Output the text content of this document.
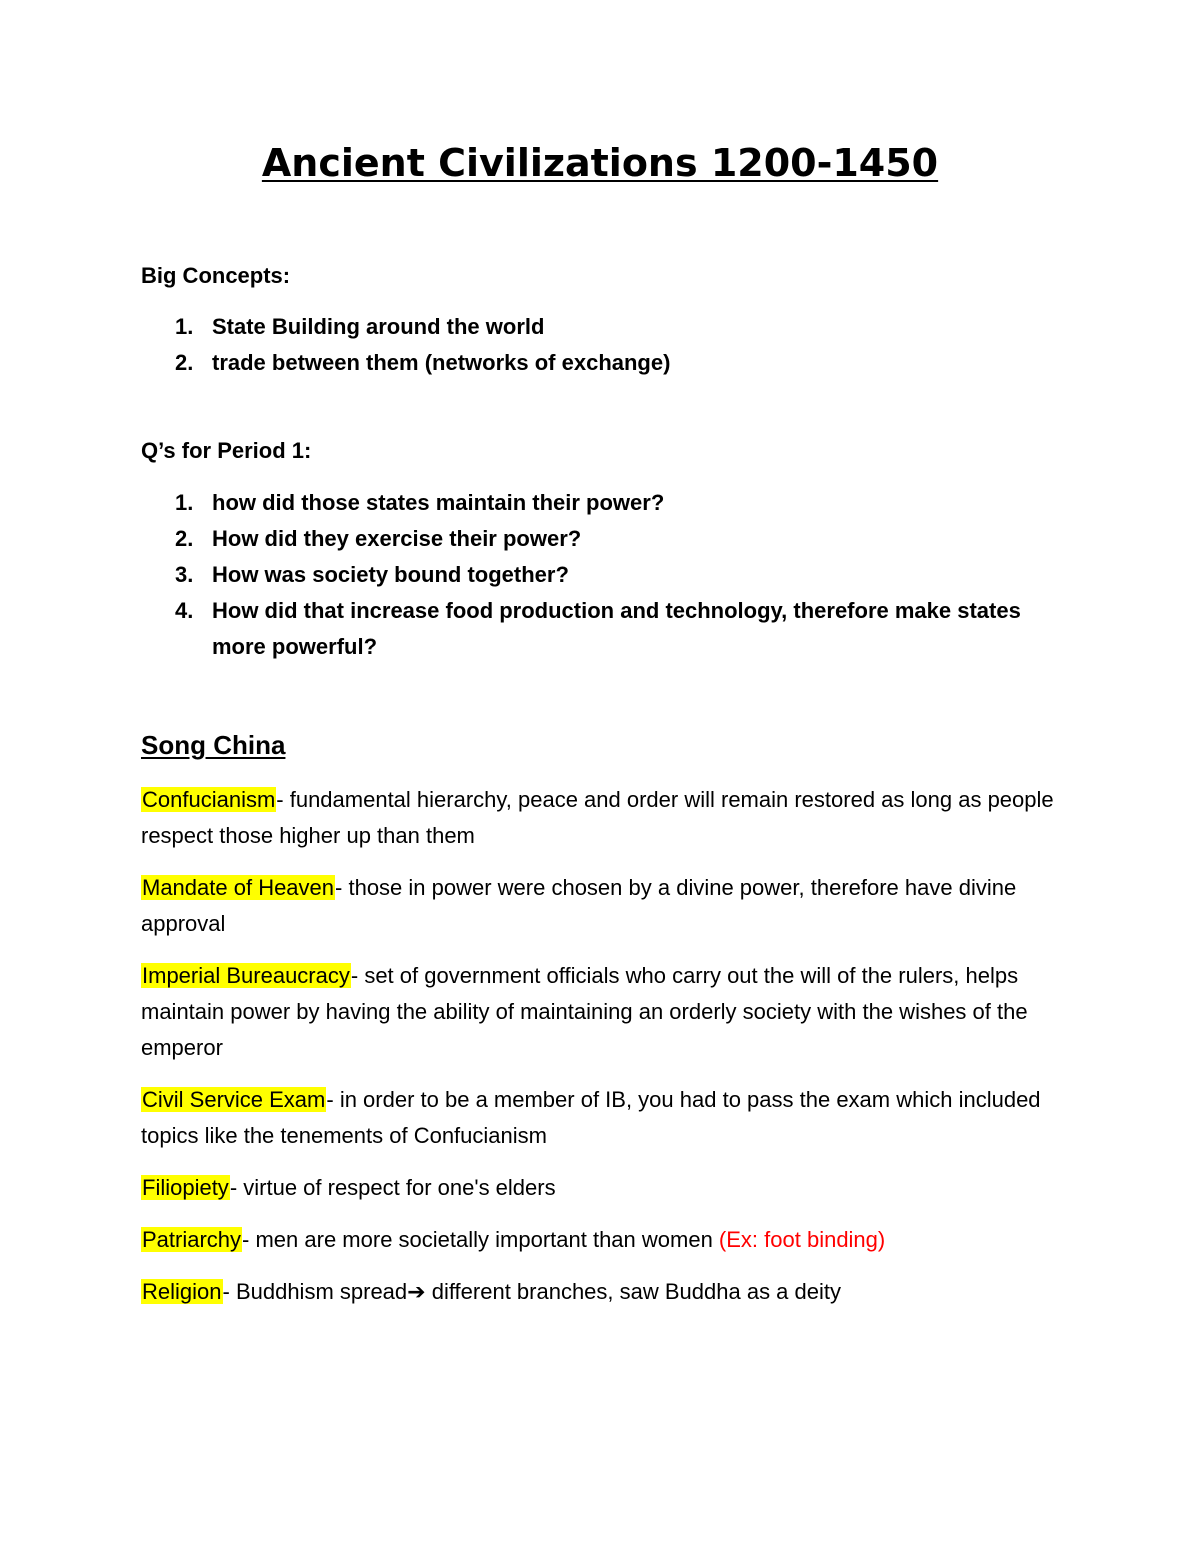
Ancient Civilizations 1200-1450

Big Concepts:

1. State Building around the world
2. trade between them (networks of exchange)

Q’s for Period 1:

1. how did those states maintain their power?
2. How did they exercise their power?
3. How was society bound together?
4. How did that increase food production and technology, therefore make states more powerful?
Song China

Confucianism- fundamental hierarchy, peace and order will remain restored as long as people respect those higher up than them

Mandate of Heaven- those in power were chosen by a divine power, therefore have divine approval

Imperial Bureaucracy- set of government officials who carry out the will of the rulers, helps maintain power by having the ability of maintaining an orderly society with the wishes of the emperor

Civil Service Exam- in order to be a member of IB, you had to pass the exam which included topics like the tenements of Confucianism

Filiopiety- virtue of respect for one's elders

Patriarchy- men are more societally important than women (Ex: foot binding)

Religion- Buddhism spread➔ different branches, saw Buddha as a deity
